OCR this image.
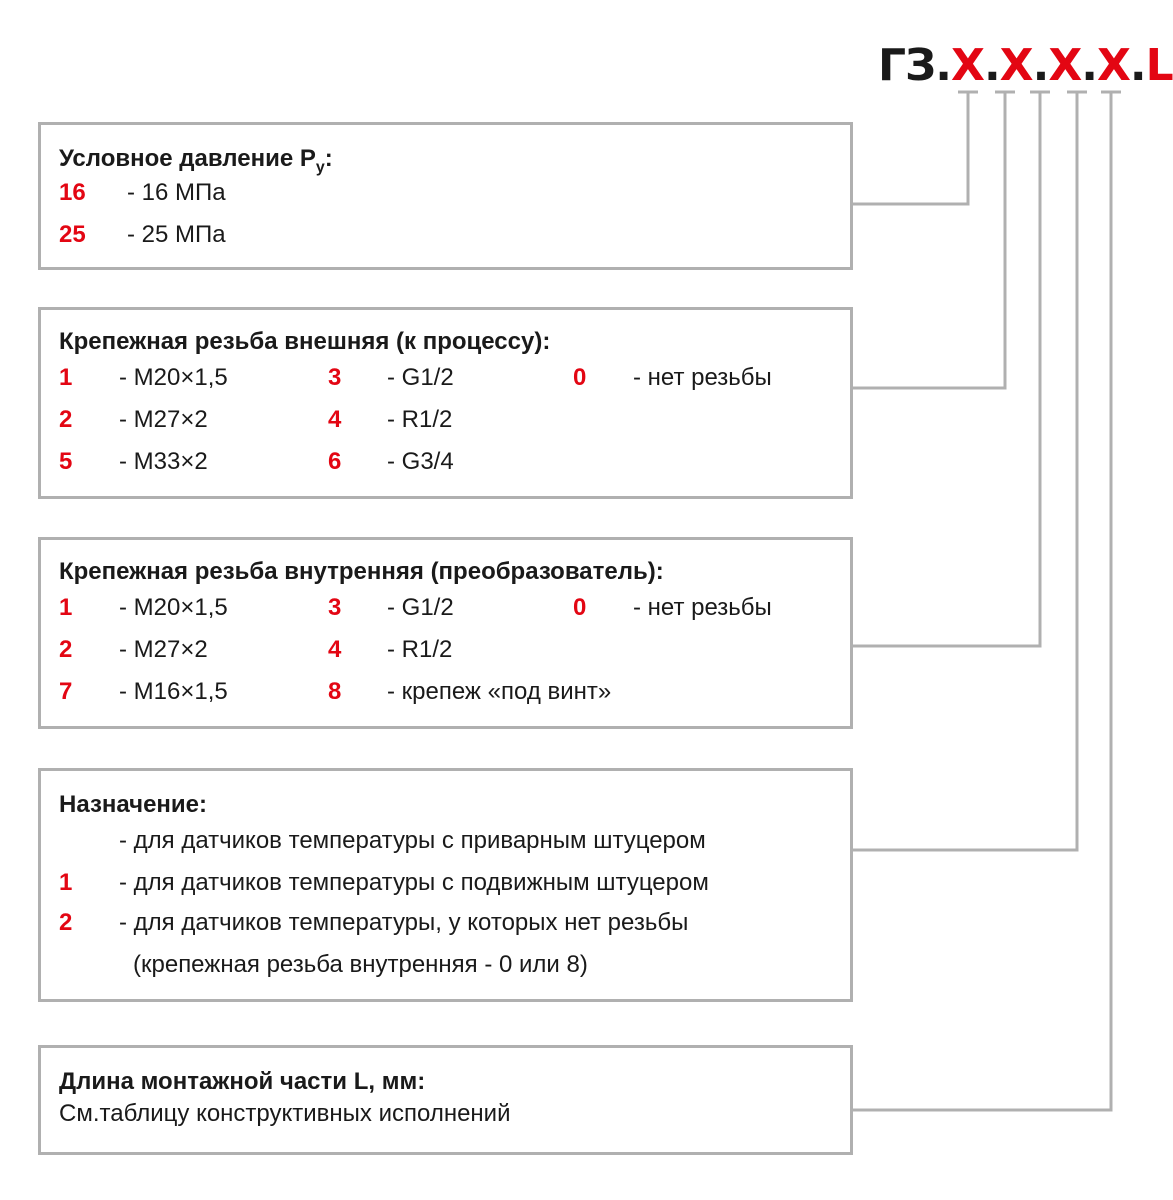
ГЗ.X.X.X.X.L
Условное давление $P_у$:
16 - 16 МПа
25 - 25 МПа
Крепежная резьба внешняя (к процессу):
1 - М20×1,5	3 - G1/2	0 - нет резьбы
2 - М27×2	4 - R1/2
5 - М33×2	6 - G3/4
Крепежная резьба внутренняя (преобразователь):
1 - М20×1,5	3 - G1/2	0 - нет резьбы
2 - М27×2	4 - R1/2
7 - М16×1,5	8 - крепеж «под винт»
Назначение:
- для датчиков температуры с приварным штуцером
1 - для датчиков температуры с подвижным штуцером
2 - для датчиков температуры, у которых нет резьбы
(крепежная резьба внутренняя - 0 или 8)
Длина монтажной части L, мм:
См.таблицу конструктивных исполнений
